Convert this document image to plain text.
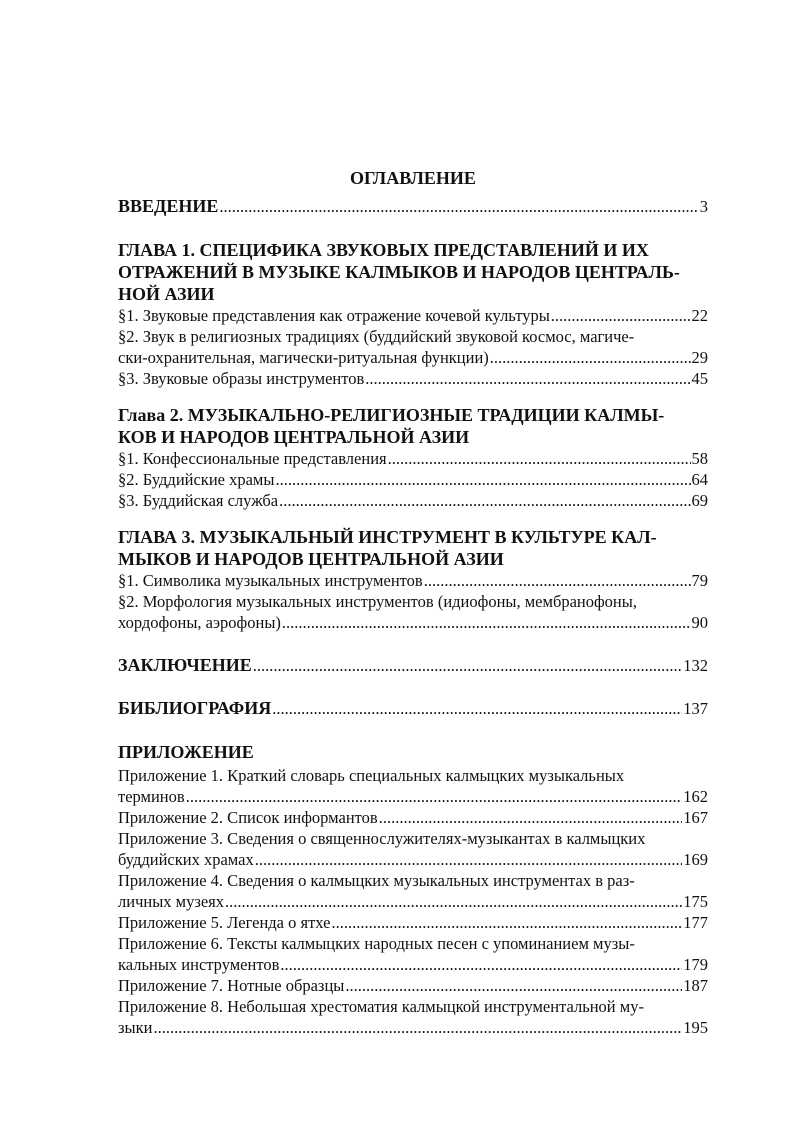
ОГЛАВЛЕНИЕ
ВВЕДЕНИЕ .....	3
ГЛАВА 1. СПЕЦИФИКА ЗВУКОВЫХ ПРЕДСТАВЛЕНИЙ И ИХ
ОТРАЖЕНИЙ В МУЗЫКЕ КАЛМЫКОВ И НАРОДОВ ЦЕНТРАЛЬ-
НОЙ АЗИИ
§1. Звуковые представления как отражение кочевой культуры .....	22
§2. Звук в религиозных традициях (буддийский звуковой космос, магиче-
ски-охранительная, магически-ритуальная функции) .....	29
§3. Звуковые образы инструментов .....	45
Глава 2. МУЗЫКАЛЬНО-РЕЛИГИОЗНЫЕ ТРАДИЦИИ КАЛМЫ-
КОВ И НАРОДОВ ЦЕНТРАЛЬНОЙ АЗИИ
§1. Конфессиональные представления .....	58
§2. Буддийские храмы .....	64
§3. Буддийская служба .....	69
ГЛАВА 3. МУЗЫКАЛЬНЫЙ ИНСТРУМЕНТ В КУЛЬТУРЕ КАЛ-
МЫКОВ И НАРОДОВ ЦЕНТРАЛЬНОЙ АЗИИ
§1. Символика музыкальных инструментов .....	79
§2. Морфология музыкальных инструментов (идиофоны, мембранофоны,
хордофоны, аэрофоны) .....	90
ЗАКЛЮЧЕНИЕ .....	132
БИБЛИОГРАФИЯ .....	137
ПРИЛОЖЕНИЕ
Приложение 1. Краткий словарь специальных калмыцких музыкальных
терминов .....	162
Приложение 2. Список информантов .....	167
Приложение 3. Сведения о священнослужителях-музыкантах в калмыцких
буддийских храмах .....	169
Приложение 4. Сведения о калмыцких музыкальных инструментах в раз-
личных музеях .....	175
Приложение 5. Легенда о ятхе .....	177
Приложение 6. Тексты калмыцких народных песен с упоминанием музы-
кальных инструментов .....	179
Приложение 7. Нотные образцы .....	187
Приложение 8. Небольшая хрестоматия калмыцкой инструментальной му-
зыки .....	195
